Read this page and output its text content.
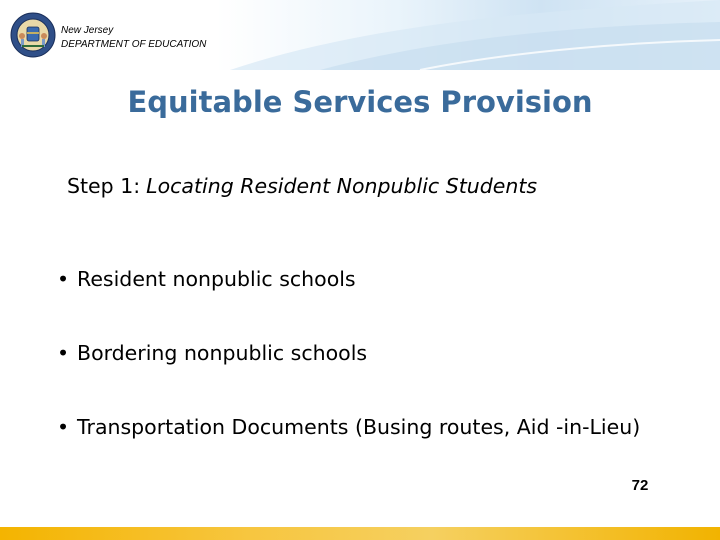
New Jersey
DEPARTMENT OF EDUCATION
Equitable Services Provision
Step 1: Locating Resident Nonpublic Students
• Resident nonpublic schools
• Bordering nonpublic schools
• Transportation Documents (Busing routes, Aid -in-Lieu)
72
